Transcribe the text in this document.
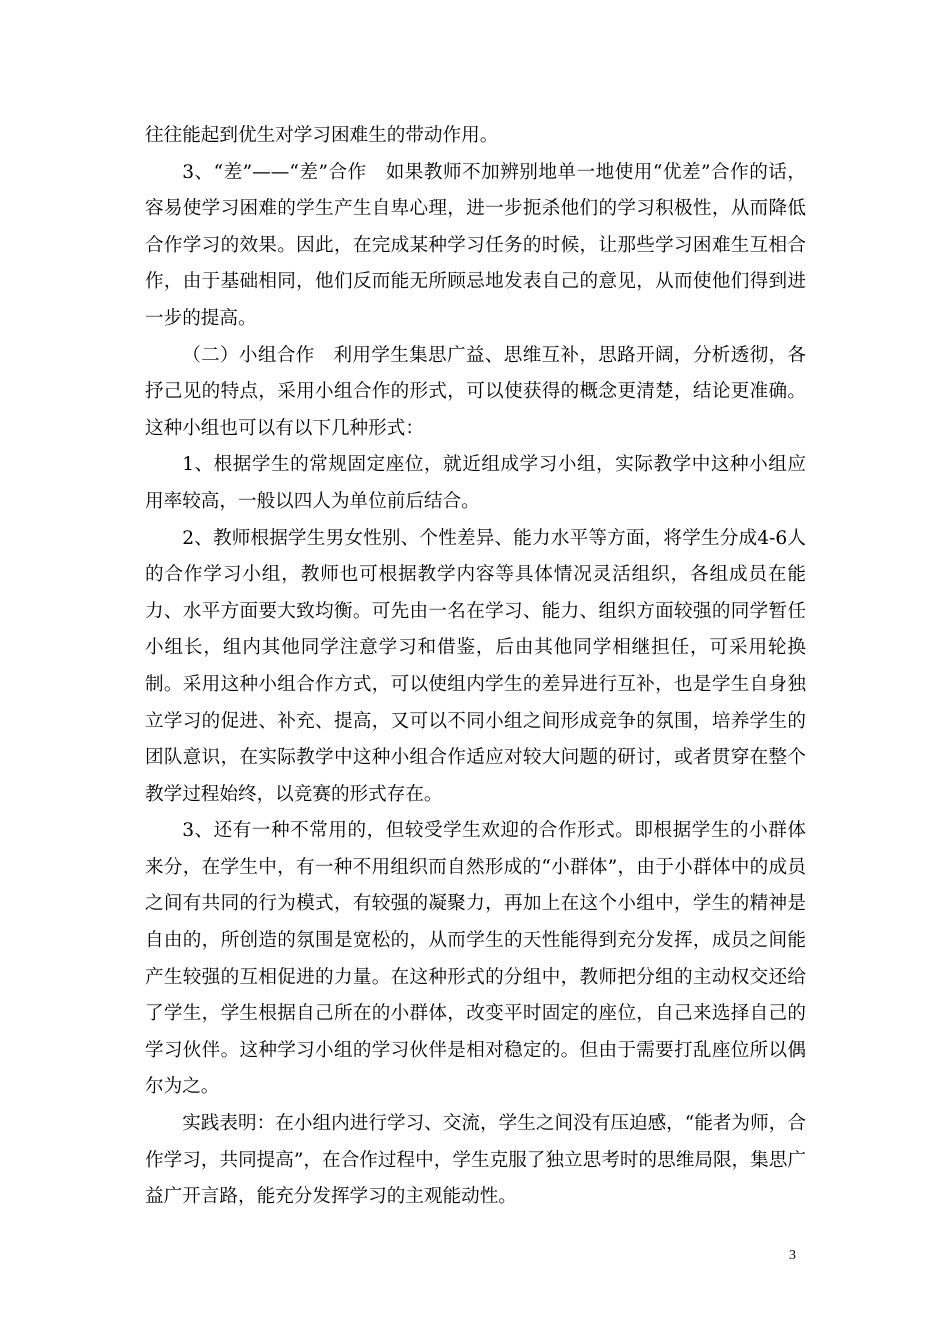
往往能起到优生对学习困难生的带动作用。

3、“差”——“差”合作　如果教师不加辨别地单一地使用“优差”合作的话，容易使学习困难的学生产生自卑心理，进一步扼杀他们的学习积极性，从而降低合作学习的效果。因此，在完成某种学习任务的时候，让那些学习困难生互相合作，由于基础相同，他们反而能无所顾忌地发表自己的意见，从而使他们得到进一步的提高。

（二）小组合作　利用学生集思广益、思维互补，思路开阔，分析透彻，各抒己见的特点，采用小组合作的形式，可以使获得的概念更清楚，结论更准确。这种小组也可以有以下几种形式：

1、根据学生的常规固定座位，就近组成学习小组，实际教学中这种小组应用率较高，一般以四人为单位前后结合。

2、教师根据学生男女性别、个性差异、能力水平等方面，将学生分成4-6人的合作学习小组，教师也可根据教学内容等具体情况灵活组织，各组成员在能力、水平方面要大致均衡。可先由一名在学习、能力、组织方面较强的同学暂任小组长，组内其他同学注意学习和借鉴，后由其他同学相继担任，可采用轮换制。采用这种小组合作方式，可以使组内学生的差异进行互补，也是学生自身独立学习的促进、补充、提高，又可以不同小组之间形成竞争的氛围，培养学生的团队意识，在实际教学中这种小组合作适应对较大问题的研讨，或者贯穿在整个教学过程始终，以竞赛的形式存在。

3、还有一种不常用的，但较受学生欢迎的合作形式。即根据学生的小群体来分，在学生中，有一种不用组织而自然形成的“小群体”，由于小群体中的成员之间有共同的行为模式，有较强的凝聚力，再加上在这个小组中，学生的精神是自由的，所创造的氛围是宽松的，从而学生的天性能得到充分发挥，成员之间能产生较强的互相促进的力量。在这种形式的分组中，教师把分组的主动权交还给了学生，学生根据自己所在的小群体，改变平时固定的座位，自己来选择自己的学习伙伴。这种学习小组的学习伙伴是相对稳定的。但由于需要打乱座位所以偶尔为之。

实践表明：在小组内进行学习、交流，学生之间没有压迫感，“能者为师，合作学习，共同提高”，在合作过程中，学生克服了独立思考时的思维局限，集思广益广开言路，能充分发挥学习的主观能动性。

3
